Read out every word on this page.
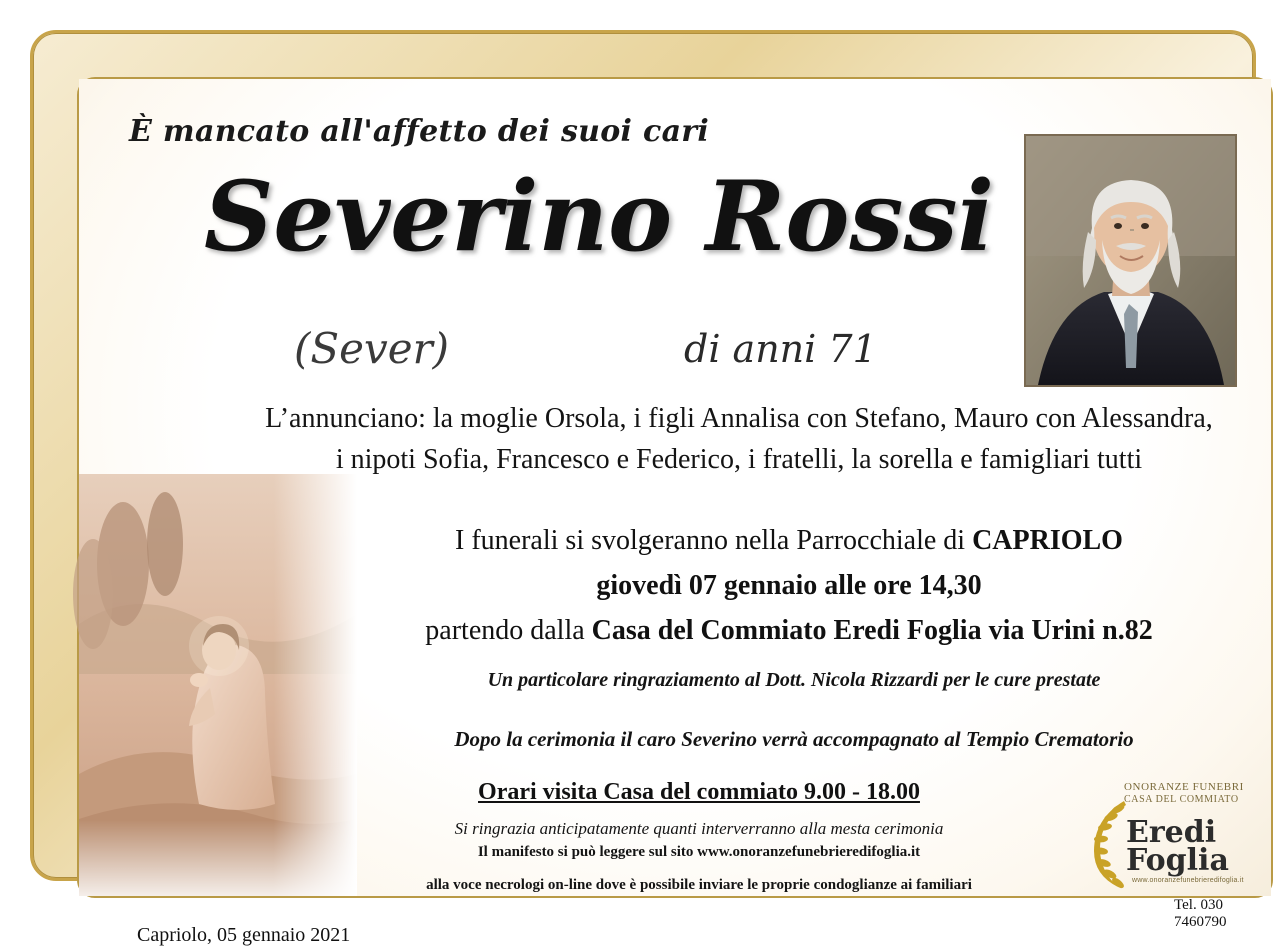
È mancato all'affetto dei suoi cari
Severino Rossi
(Sever)	di anni 71
L’annunciano: la moglie Orsola, i figli Annalisa con Stefano, Mauro con Alessandra,
i nipoti Sofia, Francesco e Federico, i fratelli, la sorella e famigliari tutti
I funerali si svolgeranno nella Parrocchiale di CAPRIOLO
giovedì 07 gennaio alle ore 14,30
partendo dalla Casa del Commiato Eredi Foglia via Urini n.82
Un particolare ringraziamento al Dott. Nicola Rizzardi per le cure prestate
Dopo la cerimonia il caro Severino verrà accompagnato al Tempio Crematorio
Orari visita Casa del commiato 9.00 - 18.00
Si ringrazia anticipatamente quanti interverranno alla mesta cerimonia
Il manifesto si può leggere sul sito www.onoranzefunebrieredifoglia.it
alla voce necrologi on-line dove è possibile inviare le proprie condoglianze ai familiari
Capriolo, 05 gennaio 2021
ONORANZE FUNEBRI
CASA DEL COMMIATO
Eredi
Foglia
www.onoranzefunebrieredifoglia.it
Tel. 030 7460790
